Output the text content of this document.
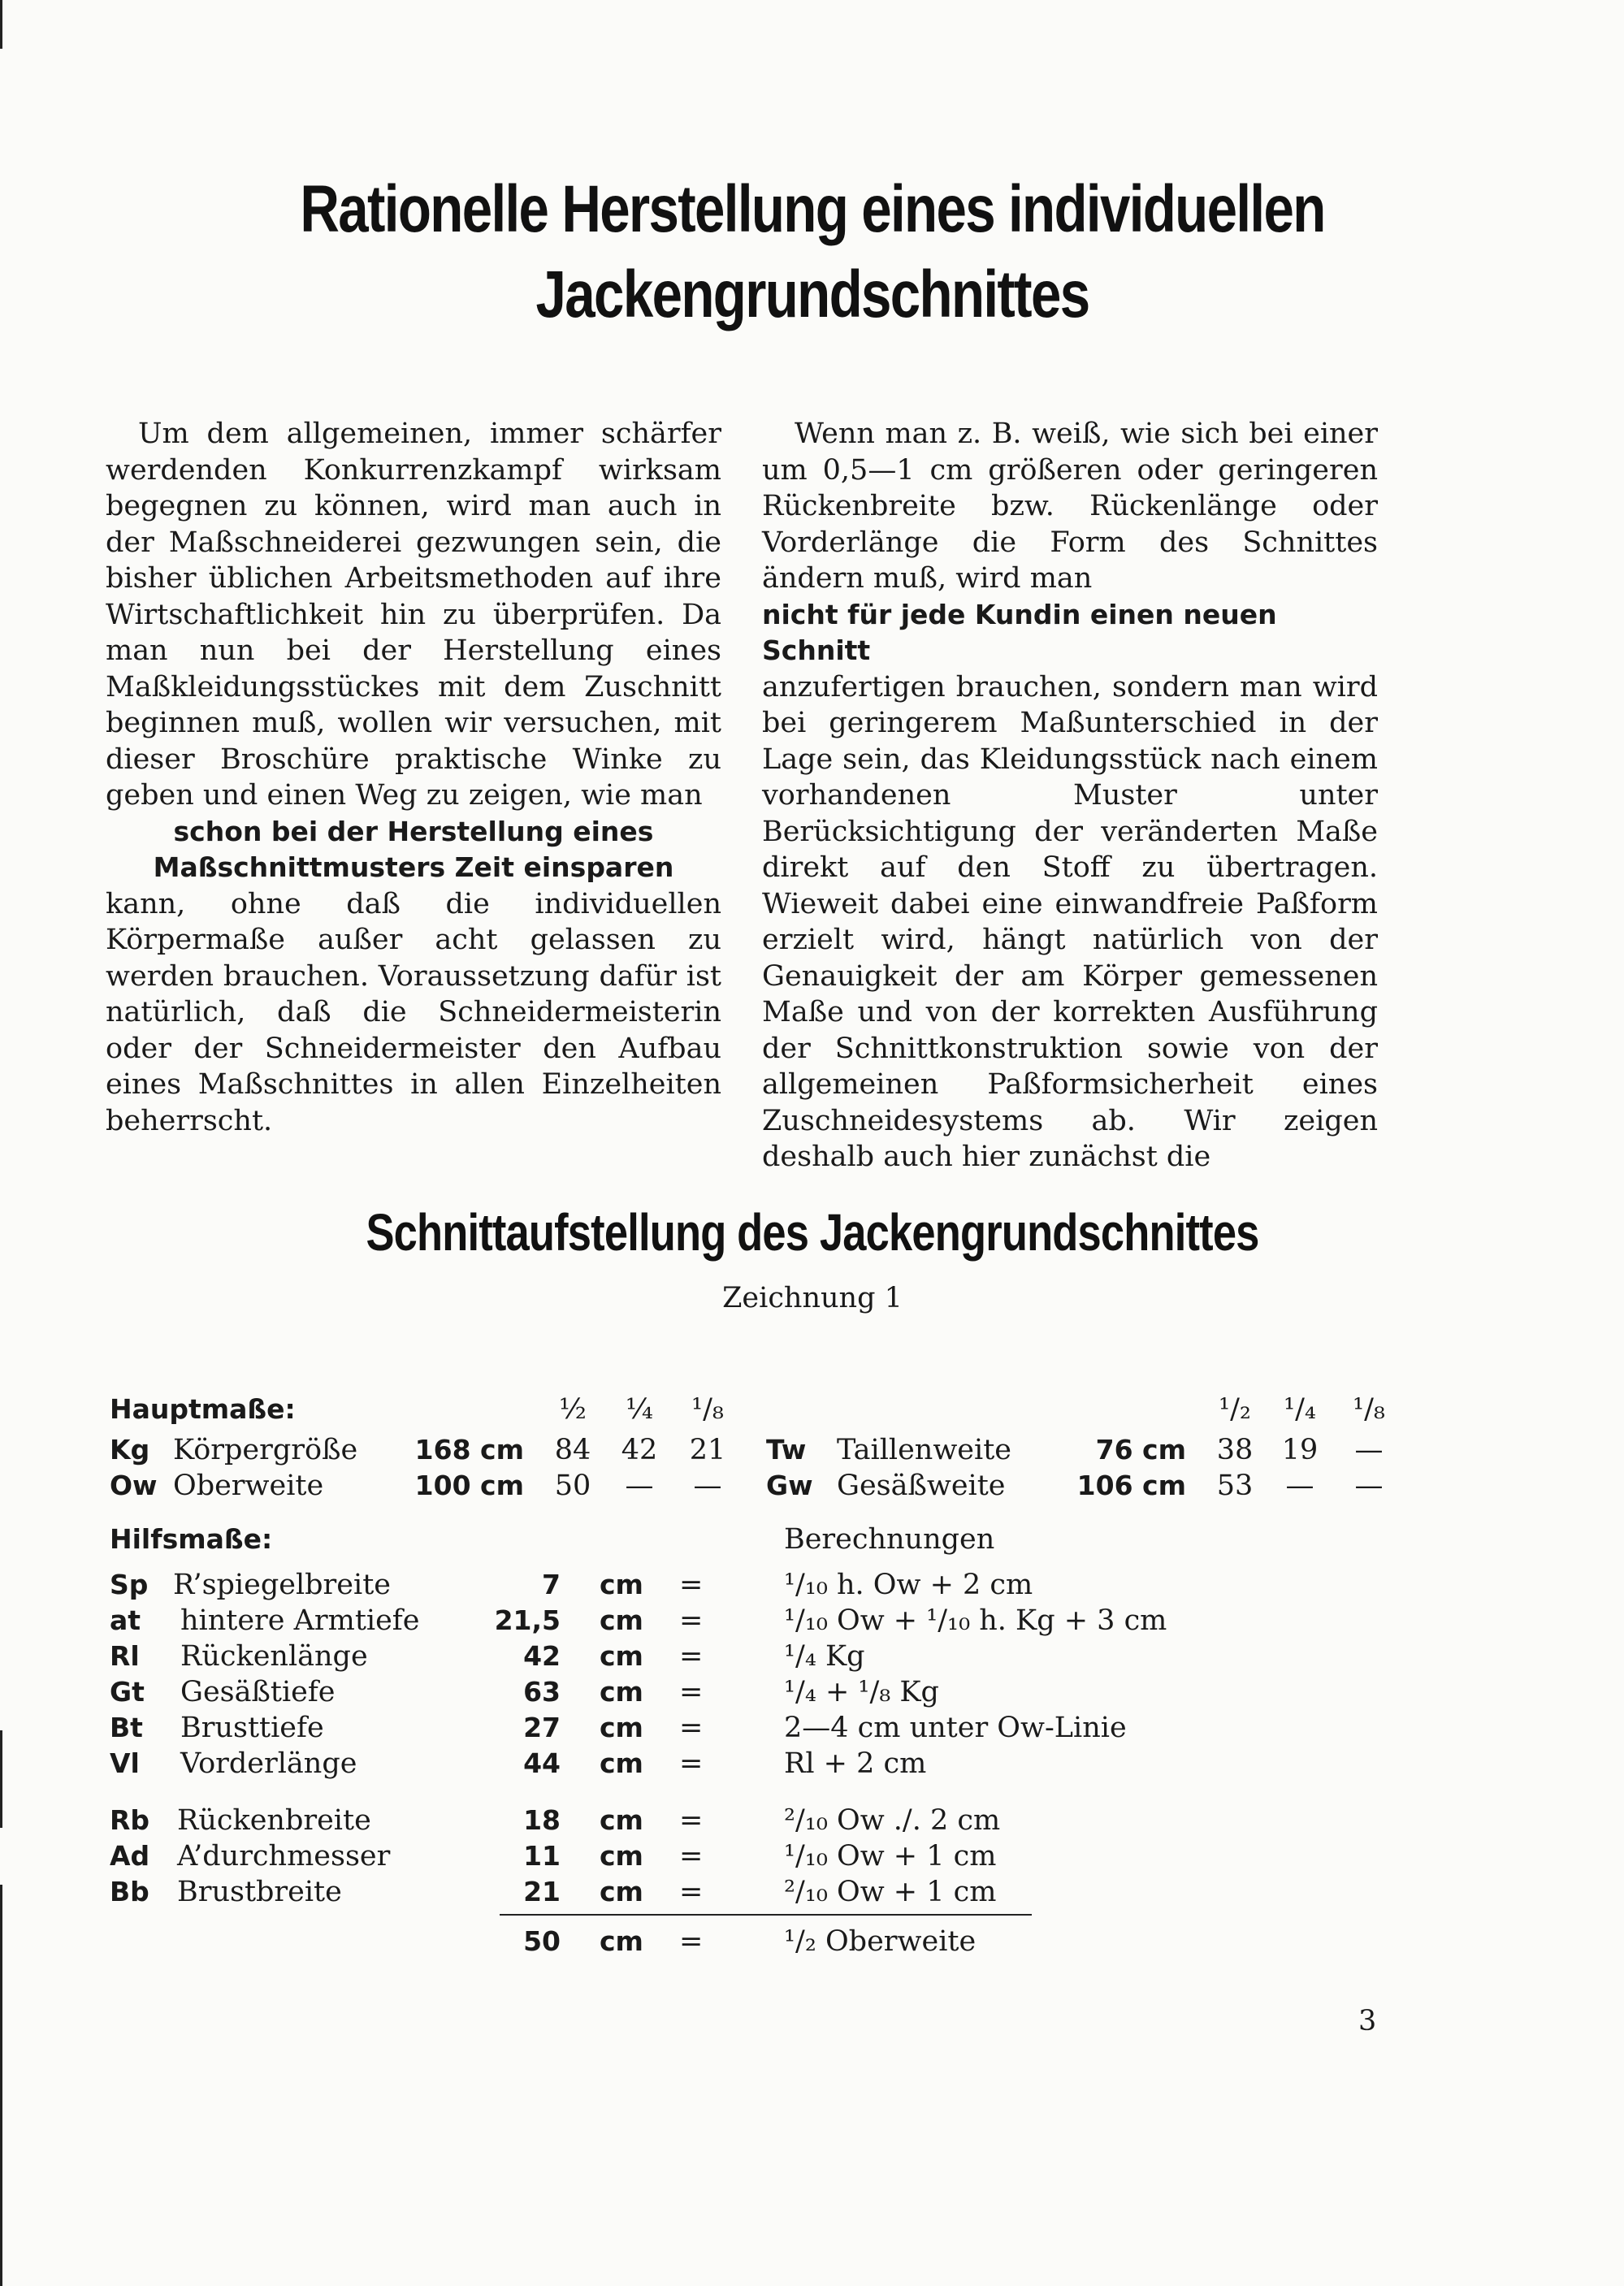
Rationelle Herstellung eines individuellen
Jackengrundschnittes

Um dem allgemeinen, immer schärfer werdenden Konkurrenzkampf wirksam begegnen zu können, wird man auch in der Maßschneiderei gezwungen sein, die bisher üblichen Arbeitsmethoden auf ihre Wirtschaftlichkeit hin zu überprüfen. Da man nun bei der Herstellung eines Maßkleidungsstückes mit dem Zuschnitt beginnen muß, wollen wir versuchen, mit dieser Broschüre praktische Winke zu geben und einen Weg zu zeigen, wie man

schon bei der Herstellung eines

Maßschnittmusters Zeit einsparen

kann, ohne daß die individuellen Körpermaße außer acht gelassen zu werden brauchen. Voraussetzung dafür ist natürlich, daß die Schneidermeisterin oder der Schneidermeister den Aufbau eines Maßschnittes in allen Einzelheiten beherrscht.

Wenn man z. B. weiß, wie sich bei einer um 0,5—1 cm größeren oder geringeren Rückenbreite bzw. Rückenlänge oder Vorderlänge die Form des Schnittes ändern muß, wird man

nicht für jede Kundin einen neuen Schnitt

anzufertigen brauchen, sondern man wird bei geringerem Maßunterschied in der Lage sein, das Kleidungsstück nach einem vorhandenen Muster unter Berücksichtigung der veränderten Maße direkt auf den Stoff zu übertragen. Wieweit dabei eine einwandfreie Paßform erzielt wird, hängt natürlich von der Genauigkeit der am Körper gemessenen Maße und von der korrekten Ausführung der Schnittkonstruktion sowie von der allgemeinen Paßformsicherheit eines Zuschneidesystems ab. Wir zeigen deshalb auch hier zunächst die

Schnittaufstellung des Jackengrundschnittes
Zeichnung 1
Hauptmaße:	½ ¼ ¹/₈	¹/₂ ¹/₄ ¹/₈
Kg Körpergröße	168 cm 84 42 21 Tw Taillenweite	76 cm 38 19 —
Ow Oberweite	100 cm 50 — — Gw Gesäßweite	106 cm 53 — —
Hilfsmaße:	Berechnungen
Sp R’spiegelbreite	7 cm =	¹/₁₀ h. Ow + 2 cm
at hintere Armtiefe	21,5 cm =	¹/₁₀ Ow + ¹/₁₀ h. Kg + 3 cm
Rl Rückenlänge	42 cm =	¹/₄ Kg
Gt Gesäßtiefe	63 cm =	¹/₄ + ¹/₈ Kg
Bt Brusttiefe	27 cm =	2—4 cm unter Ow-Linie
Vl Vorderlänge	44 cm =	Rl + 2 cm
Rb Rückenbreite	18 cm =	²/₁₀ Ow ./. 2 cm
Ad A’durchmesser	11 cm =	¹/₁₀ Ow + 1 cm
Bb Brustbreite	21 cm =	²/₁₀ Ow + 1 cm
50 cm =	¹/₂ Oberweite
3
